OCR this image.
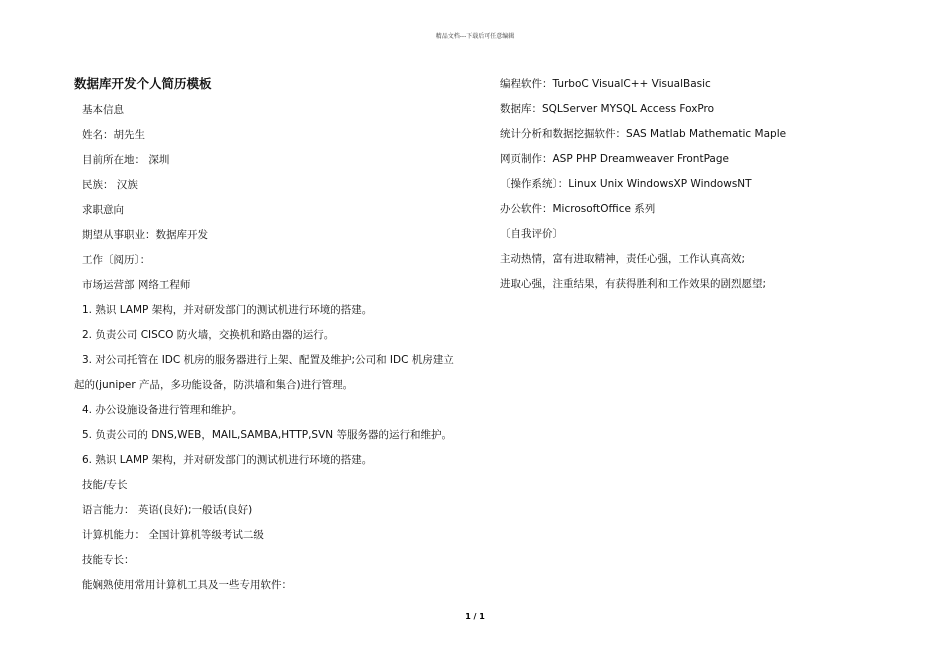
精品文档---下载后可任意编辑
数据库开发个人简历模板
基本信息
姓名：胡先生
目前所在地： 深圳
民族： 汉族
求职意向
期望从事职业：数据库开发
工作〔阅历〕：
市场运营部 网络工程师
1. 熟识 LAMP 架构，并对研发部门的测试机进行环境的搭建。
2. 负责公司 CISCO 防火墙，交换机和路由器的运行。
3. 对公司托管在 IDC 机房的服务器进行上架、配置及维护;公司和 IDC 机房建立
起的(juniper 产品，多功能设备，防洪墙和集合)进行管理。
4. 办公设施设备进行管理和维护。
5. 负责公司的 DNS,WEB，MAIL,SAMBA,HTTP,SVN 等服务器的运行和维护。
6. 熟识 LAMP 架构，并对研发部门的测试机进行环境的搭建。
技能/专长
语言能力： 英语(良好);一般话(良好)
计算机能力： 全国计算机等级考试二级
技能专长：
能娴熟使用常用计算机工具及一些专用软件：
编程软件：TurboC VisualC++ VisualBasic
数据库：SQLServer MYSQL Access FoxPro
统计分析和数据挖掘软件：SAS Matlab Mathematic Maple
网页制作：ASP PHP Dreamweaver FrontPage
〔操作系统〕：Linux Unix WindowsXP WindowsNT
办公软件：MicrosoftOffice 系列
〔自我评价〕
主动热情，富有进取精神，责任心强，工作认真高效;
进取心强，注重结果，有获得胜利和工作效果的剧烈愿望;
1 / 1
